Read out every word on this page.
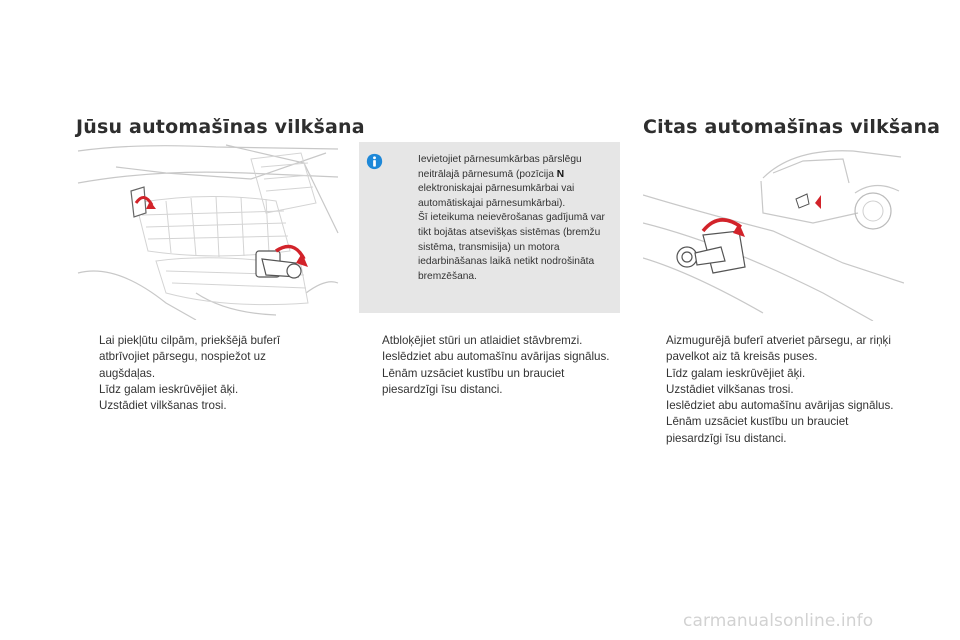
Jūsu automašīnas vilkšana
Ievietojiet pārnesumkārbas pārslēgu neitrālajā pārnesumā (pozīcija N elektroniskajai pārnesumkārbai vai automātiskajai pārnesumkārbai).
Šī ieteikuma neievērošanas gadījumā var tikt bojātas atsevišķas sistēmas (bremžu sistēma, transmisija) un motora iedarbināšanas laikā netikt nodrošināta bremzēšana.
Citas automašīnas vilkšana
Lai piekļūtu cilpām, priekšējā buferī atbrīvojiet pārsegu, nospiežot uz augšdaļas.
Līdz galam ieskrūvējiet āķi.
Uzstādiet vilkšanas trosi.
Atbloķējiet stūri un atlaidiet stāvbremzi.
Ieslēdziet abu automašīnu avārijas signālus.
Lēnām uzsāciet kustību un brauciet piesardzīgi īsu distanci.
Aizmugurējā buferī atveriet pārsegu, ar riņķi pavelkot aiz tā kreisās puses.
Līdz galam ieskrūvējiet āķi.
Uzstādiet vilkšanas trosi.
Ieslēdziet abu automašīnu avārijas signālus.
Lēnām uzsāciet kustību un brauciet piesardzīgi īsu distanci.
carmanualsonline.info
